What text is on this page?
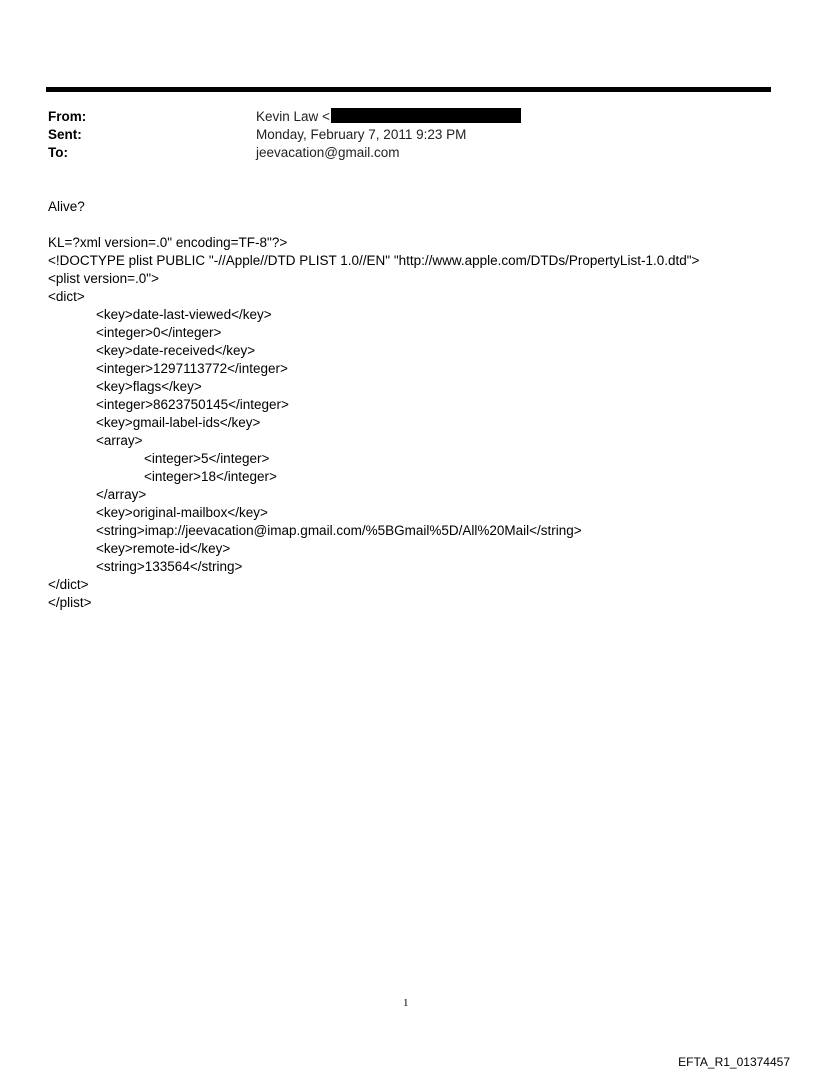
From:	Kevin Law <
Sent:	Monday, February 7, 2011 9:23 PM
To:	jeevacation@gmail.com
Alive?
KL=?xml version=.0" encoding=TF-8"?>
<!DOCTYPE plist PUBLIC "-//Apple//DTD PLIST 1.0//EN" "http://www.apple.com/DTDs/PropertyList-1.0.dtd">
<plist version=.0">
<dict>
<key>date-last-viewed</key>
<integer>0</integer>
<key>date-received</key>
<integer>1297113772</integer>
<key>flags</key>
<integer>8623750145</integer>
<key>gmail-label-ids</key>
<array>
<integer>5</integer>
<integer>18</integer>
</array>
<key>original-mailbox</key>
<string>imap://jeevacation@imap.gmail.com/%5BGmail%5D/All%20Mail</string>
<key>remote-id</key>
<string>133564</string>
</dict>
</plist>
1
EFTA_R1_01374457
